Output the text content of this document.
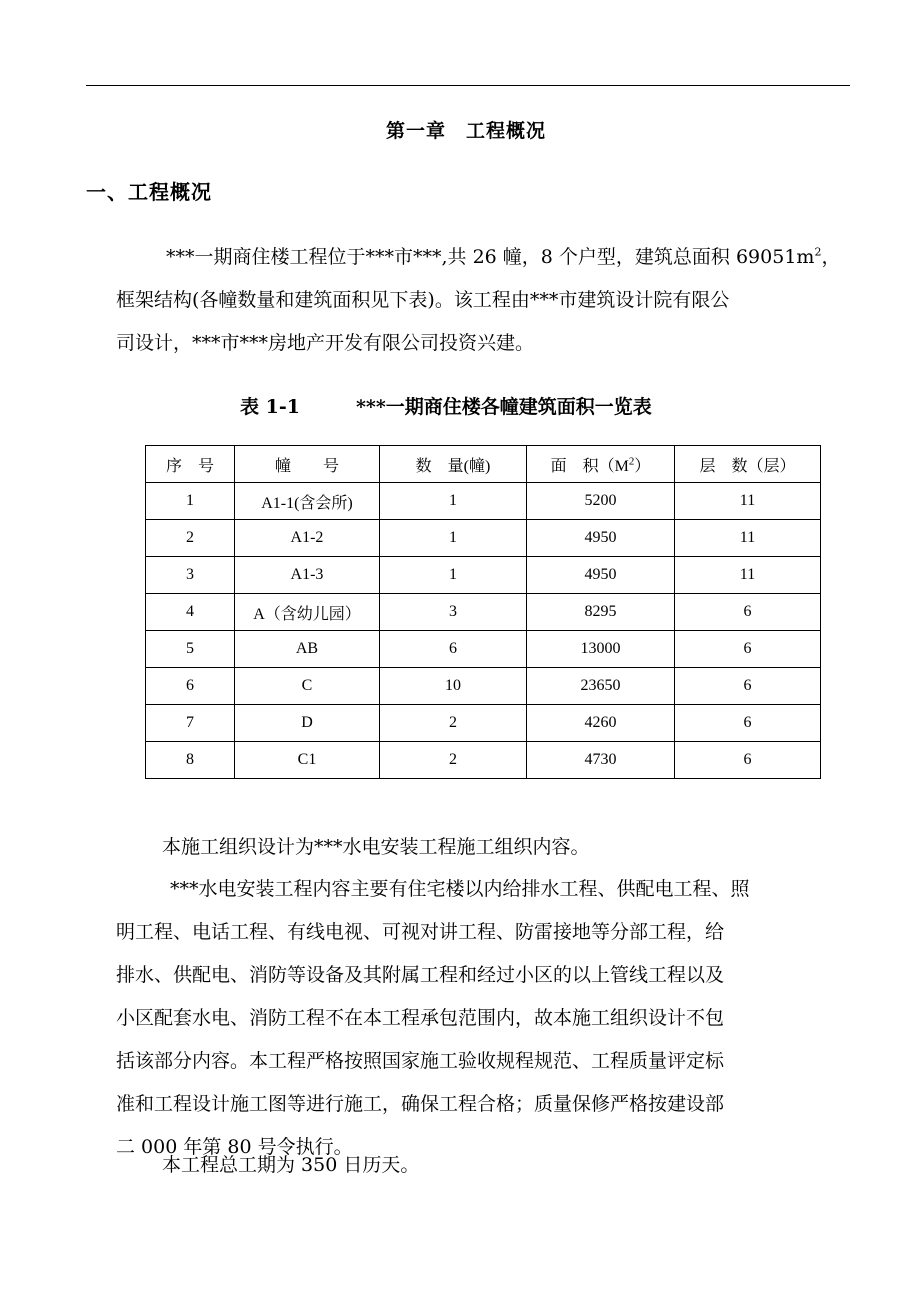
第一章　工程概况
一、工程概况
***一期商住楼工程位于***市***,共 26 幢，8 个户型，建筑总面积 $69051m^2$，
框架结构(各幢数量和建筑面积见下表)。该工程由***市建筑设计院有限公
司设计，***市***房地产开发有限公司投资兴建。
表 1-1	***一期商住楼各幢建筑面积一览表
序　号	幢　　号	数　量(幢)	面　积$(M^2)$	层　数（层）
1	A1-1(含会所)	1	5200	11
2	A1-2	1	4950	11
3	A1-3	1	4950	11
4	A（含幼儿园）	3	8295	6
5	AB	6	13000	6
6	C	10	23650	6
7	D	2	4260	6
8	C1	2	4730	6
本施工组织设计为***水电安装工程施工组织内容。
***水电安装工程内容主要有住宅楼以内给排水工程、供配电工程、照
明工程、电话工程、有线电视、可视对讲工程、防雷接地等分部工程，给
排水、供配电、消防等设备及其附属工程和经过小区的以上管线工程以及
小区配套水电、消防工程不在本工程承包范围内，故本施工组织设计不包
括该部分内容。本工程严格按照国家施工验收规程规范、工程质量评定标
准和工程设计施工图等进行施工，确保工程合格；质量保修严格按建设部
二 000 年第 80 号令执行。
本工程总工期为 350 日历天。
